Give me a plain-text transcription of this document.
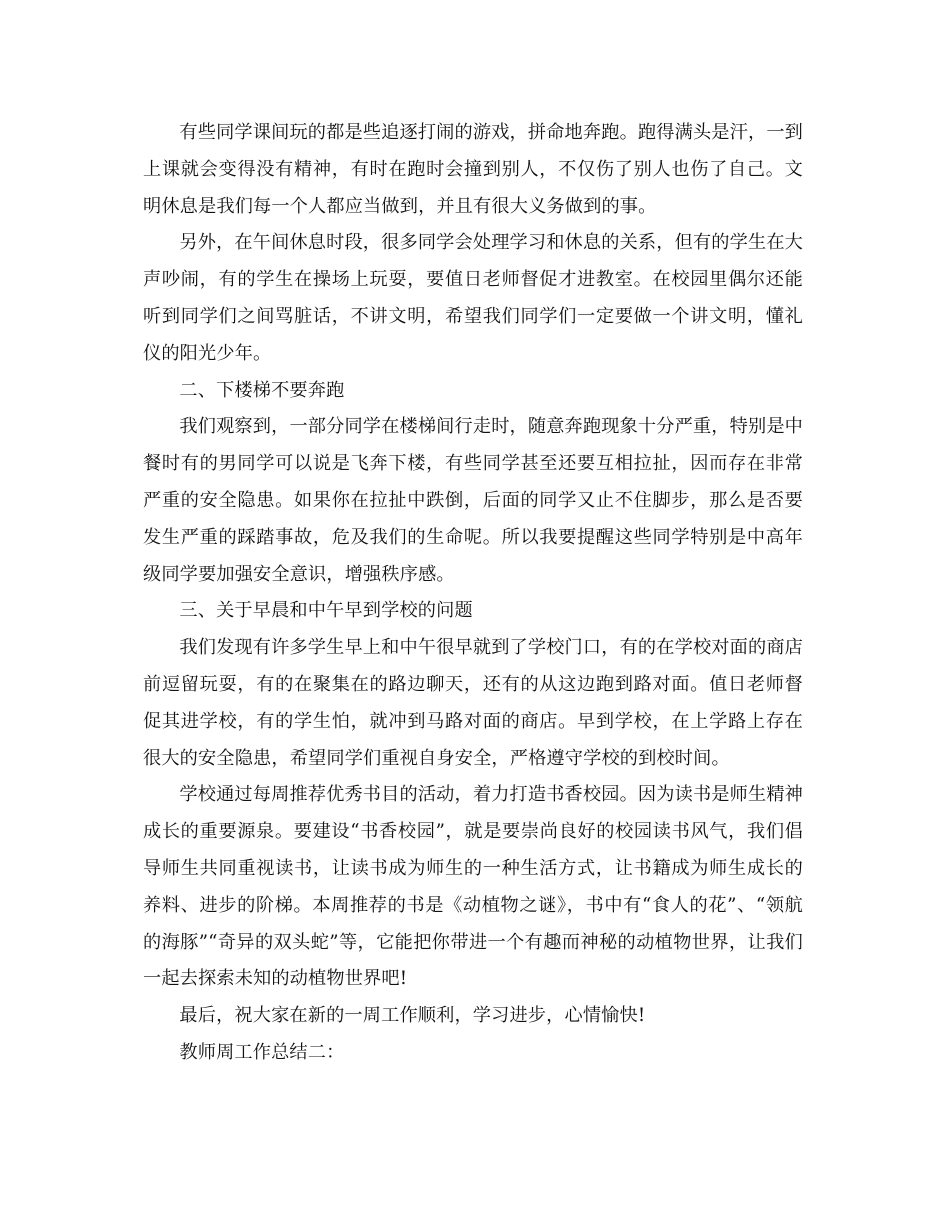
有些同学课间玩的都是些追逐打闹的游戏，拼命地奔跑。跑得满头是汗，一到上课就会变得没有精神，有时在跑时会撞到别人，不仅伤了别人也伤了自己。文明休息是我们每一个人都应当做到，并且有很大义务做到的事。

另外，在午间休息时段，很多同学会处理学习和休息的关系，但有的学生在大声吵闹，有的学生在操场上玩耍，要值日老师督促才进教室。在校园里偶尔还能听到同学们之间骂脏话，不讲文明，希望我们同学们一定要做一个讲文明，懂礼仪的阳光少年。

二、下楼梯不要奔跑

我们观察到，一部分同学在楼梯间行走时，随意奔跑现象十分严重，特别是中餐时有的男同学可以说是飞奔下楼，有些同学甚至还要互相拉扯，因而存在非常严重的安全隐患。如果你在拉扯中跌倒，后面的同学又止不住脚步，那么是否要发生严重的踩踏事故，危及我们的生命呢。所以我要提醒这些同学特别是中高年级同学要加强安全意识，增强秩序感。

三、关于早晨和中午早到学校的问题

我们发现有许多学生早上和中午很早就到了学校门口，有的在学校对面的商店前逗留玩耍，有的在聚集在的路边聊天，还有的从这边跑到路对面。值日老师督促其进学校，有的学生怕，就冲到马路对面的商店。早到学校，在上学路上存在很大的安全隐患，希望同学们重视自身安全，严格遵守学校的到校时间。

学校通过每周推荐优秀书目的活动，着力打造书香校园。因为读书是师生精神成长的重要源泉。要建设“书香校园”，就是要崇尚良好的校园读书风气，我们倡导师生共同重视读书，让读书成为师生的一种生活方式，让书籍成为师生成长的养料、进步的阶梯。本周推荐的书是《动植物之谜》，书中有“食人的花”、“领航的海豚”“奇异的双头蛇”等，它能把你带进一个有趣而神秘的动植物世界，让我们一起去探索未知的动植物世界吧!

最后，祝大家在新的一周工作顺利，学习进步，心情愉快!

教师周工作总结二：
